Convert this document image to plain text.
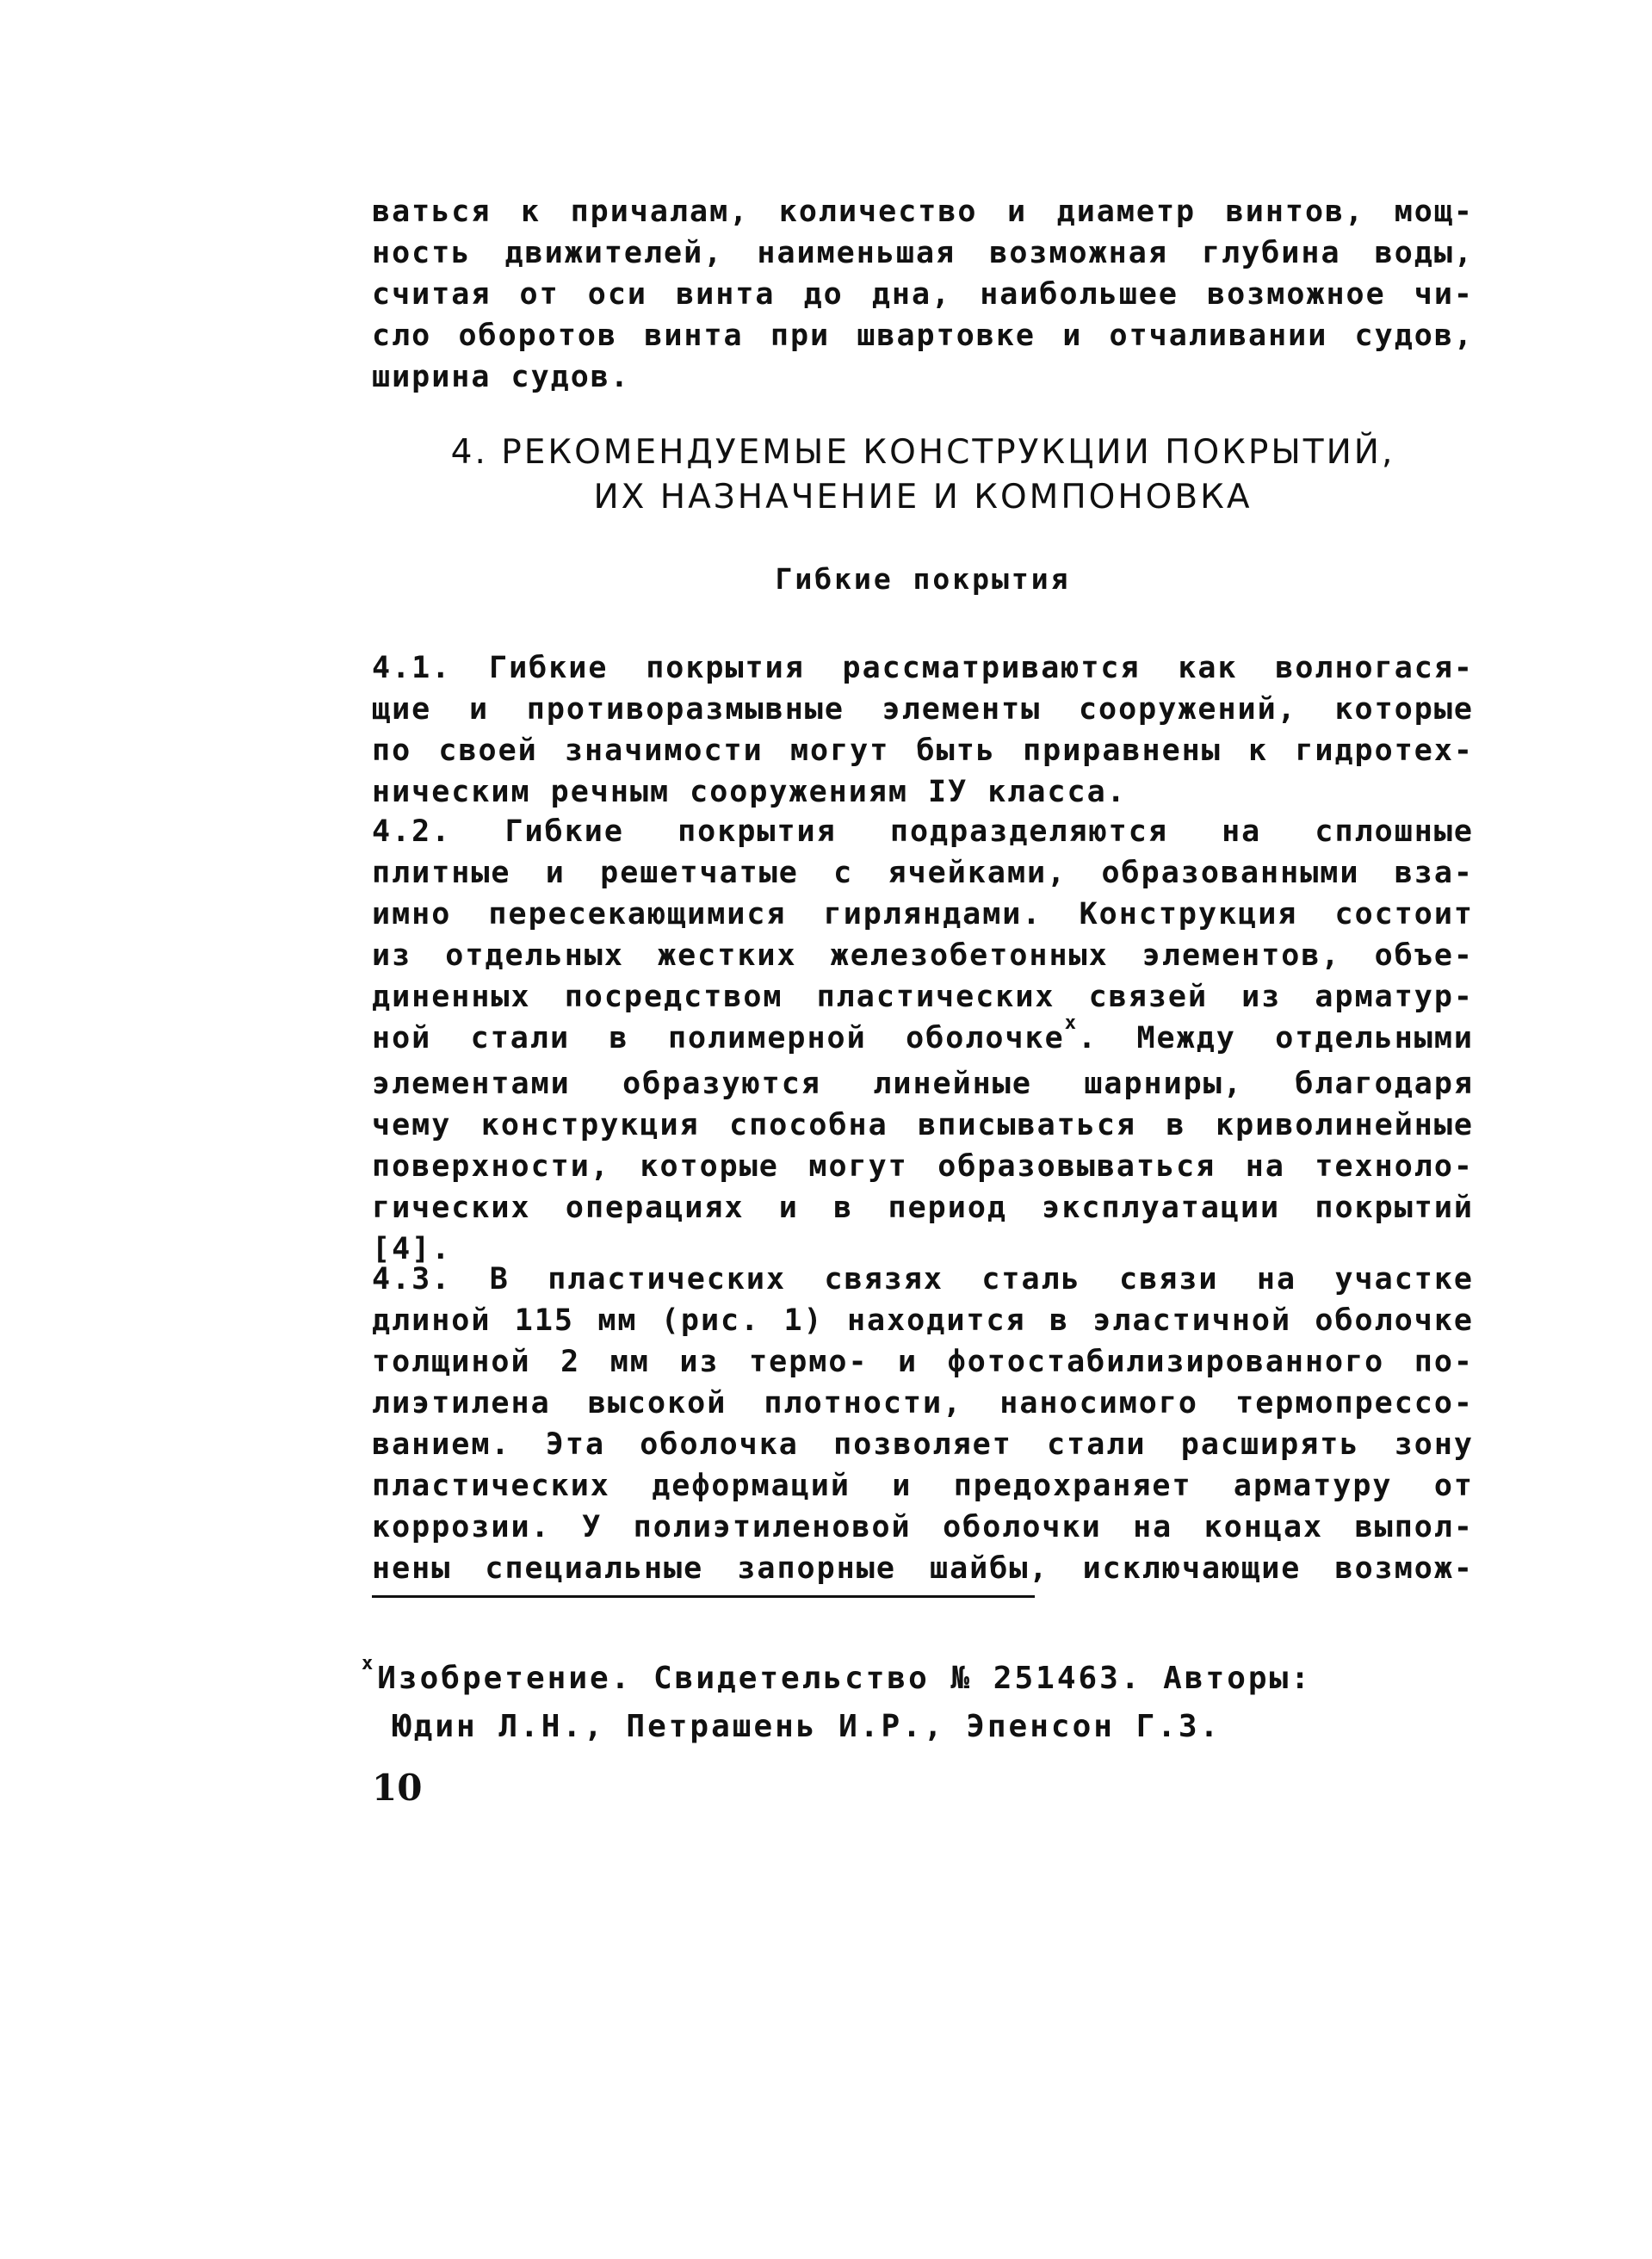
ваться к причалам, количество и диаметр винтов, мощ-
ность движителей, наименьшая возможная глубина воды,
считая от оси винта до дна, наибольшее возможное чи-
сло оборотов винта при швартовке и отчаливании судов,
ширина судов.
4. РЕКОМЕНДУЕМЫЕ КОНСТРУКЦИИ ПОКРЫТИЙ,
ИХ НАЗНАЧЕНИЕ И КОМПОНОВКА
Гибкие покрытия
4.1. Гибкие покрытия рассматриваются как волногася-
щие и противоразмывные элементы сооружений, которые
по своей значимости могут быть приравнены к гидротех-
ническим речным сооружениям IУ класса.
4.2. Гибкие покрытия подразделяются на сплошные
плитные и решетчатые с ячейками, образованными вза-
имно пересекающимися гирляндами. Конструкция состоит
из отдельных жестких железобетонных элементов, объе-
диненных посредством пластических связей из арматур-
ной стали в полимерной оболочке$^x$. Между отдельными
элементами образуются линейные шарниры, благодаря
чему конструкция способна вписываться в криволинейные
поверхности, которые могут образовываться на техноло-
гических операциях и в период эксплуатации покрытий
[4].
4.3. В пластических связях сталь связи на участке
длиной 115 мм (рис. 1) находится в эластичной оболочке
толщиной 2 мм из термо- и фотостабилизированного по-
лиэтилена высокой плотности, наносимого термопрессо-
ванием. Эта оболочка позволяет стали расширять зону
пластических деформаций и предохраняет арматуру от
коррозии. У полиэтиленовой оболочки на концах выпол-
нены специальные запорные шайбы, исключающие возмож-
$^x$Изобретение. Свидетельство № 251463. Авторы:
Юдин Л.Н., Петрашень И.Р., Эпенсон Г.3.
10
